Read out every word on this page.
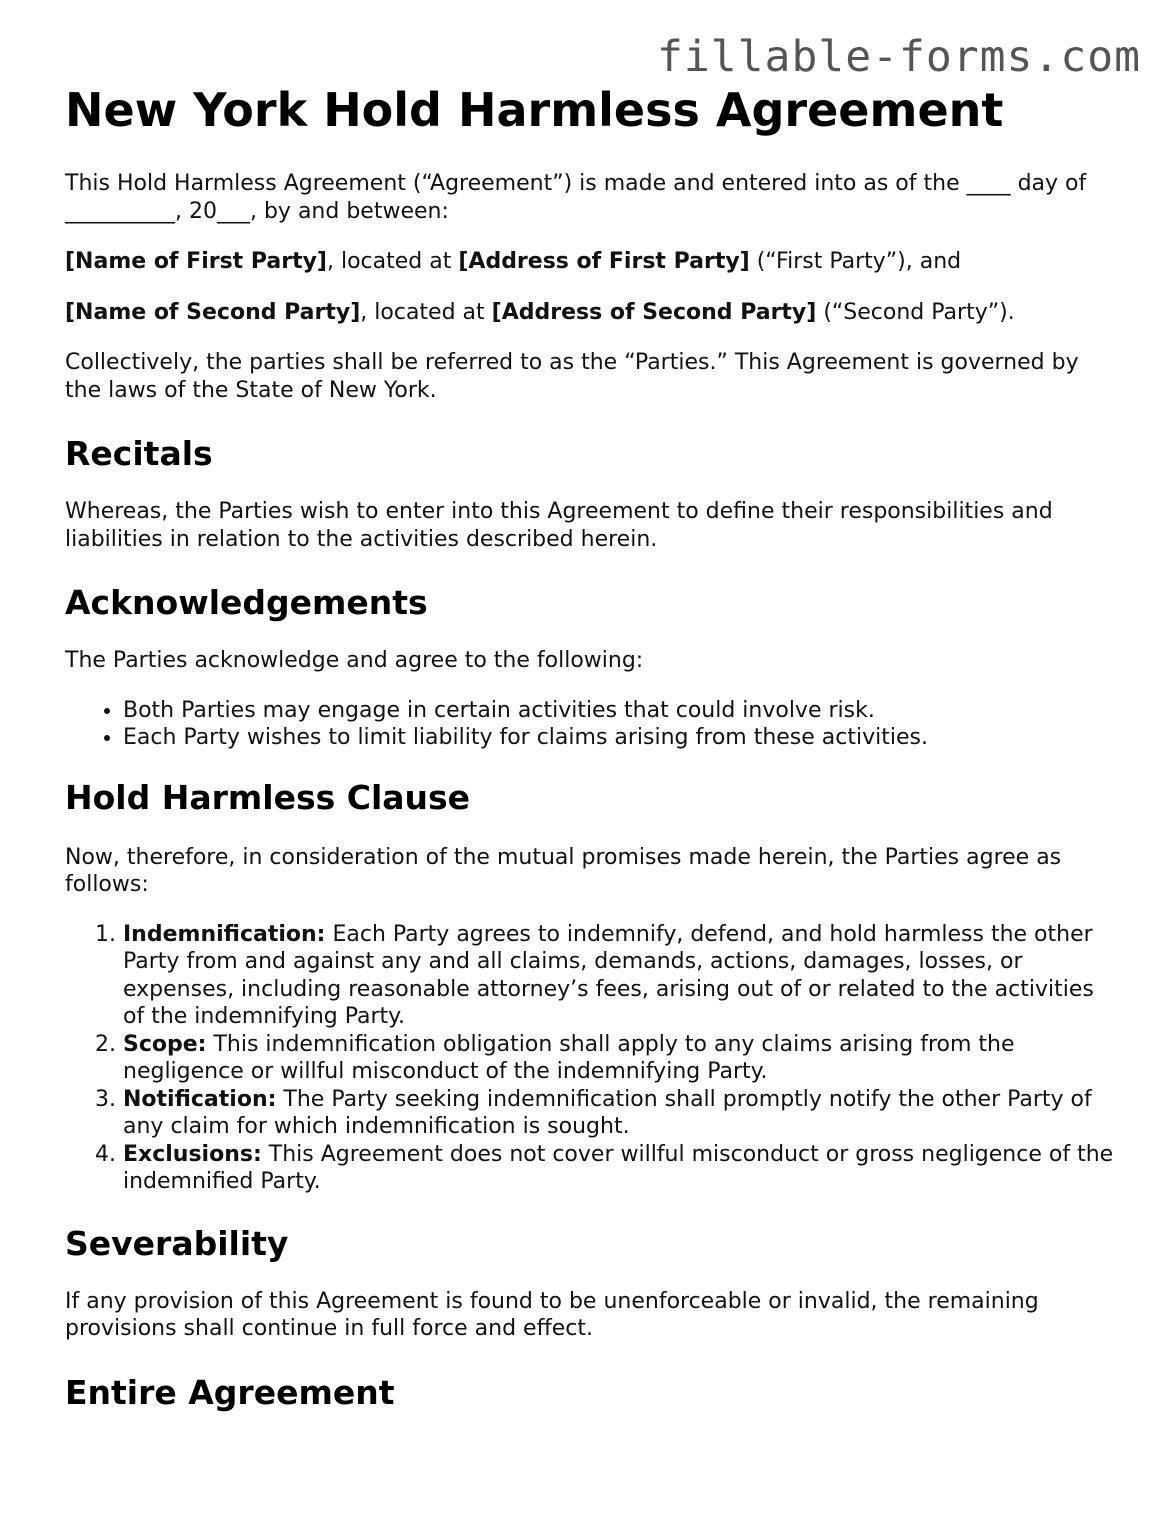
fillable-forms.com
New York Hold Harmless Agreement

This Hold Harmless Agreement (“Agreement”) is made and entered into as of the ____ day of __________, 20___, by and between:

[Name of First Party], located at [Address of First Party] (“First Party”), and

[Name of Second Party], located at [Address of Second Party] (“Second Party”).

Collectively, the parties shall be referred to as the “Parties.” This Agreement is governed by the laws of the State of New York.

Recitals

Whereas, the Parties wish to enter into this Agreement to define their responsibilities and liabilities in relation to the activities described herein.

Acknowledgements

The Parties acknowledge and agree to the following:

• Both Parties may engage in certain activities that could involve risk.
• Each Party wishes to limit liability for claims arising from these activities.
Hold Harmless Clause

Now, therefore, in consideration of the mutual promises made herein, the Parties agree as follows:

1. Indemnification: Each Party agrees to indemnify, defend, and hold harmless the other Party from and against any and all claims, demands, actions, damages, losses, or expenses, including reasonable attorney’s fees, arising out of or related to the activities of the indemnifying Party.
2. Scope: This indemnification obligation shall apply to any claims arising from the negligence or willful misconduct of the indemnifying Party.
3. Notification: The Party seeking indemnification shall promptly notify the other Party of any claim for which indemnification is sought.
4. Exclusions: This Agreement does not cover willful misconduct or gross negligence of the indemnified Party.
Severability

If any provision of this Agreement is found to be unenforceable or invalid, the remaining provisions shall continue in full force and effect.

Entire Agreement
